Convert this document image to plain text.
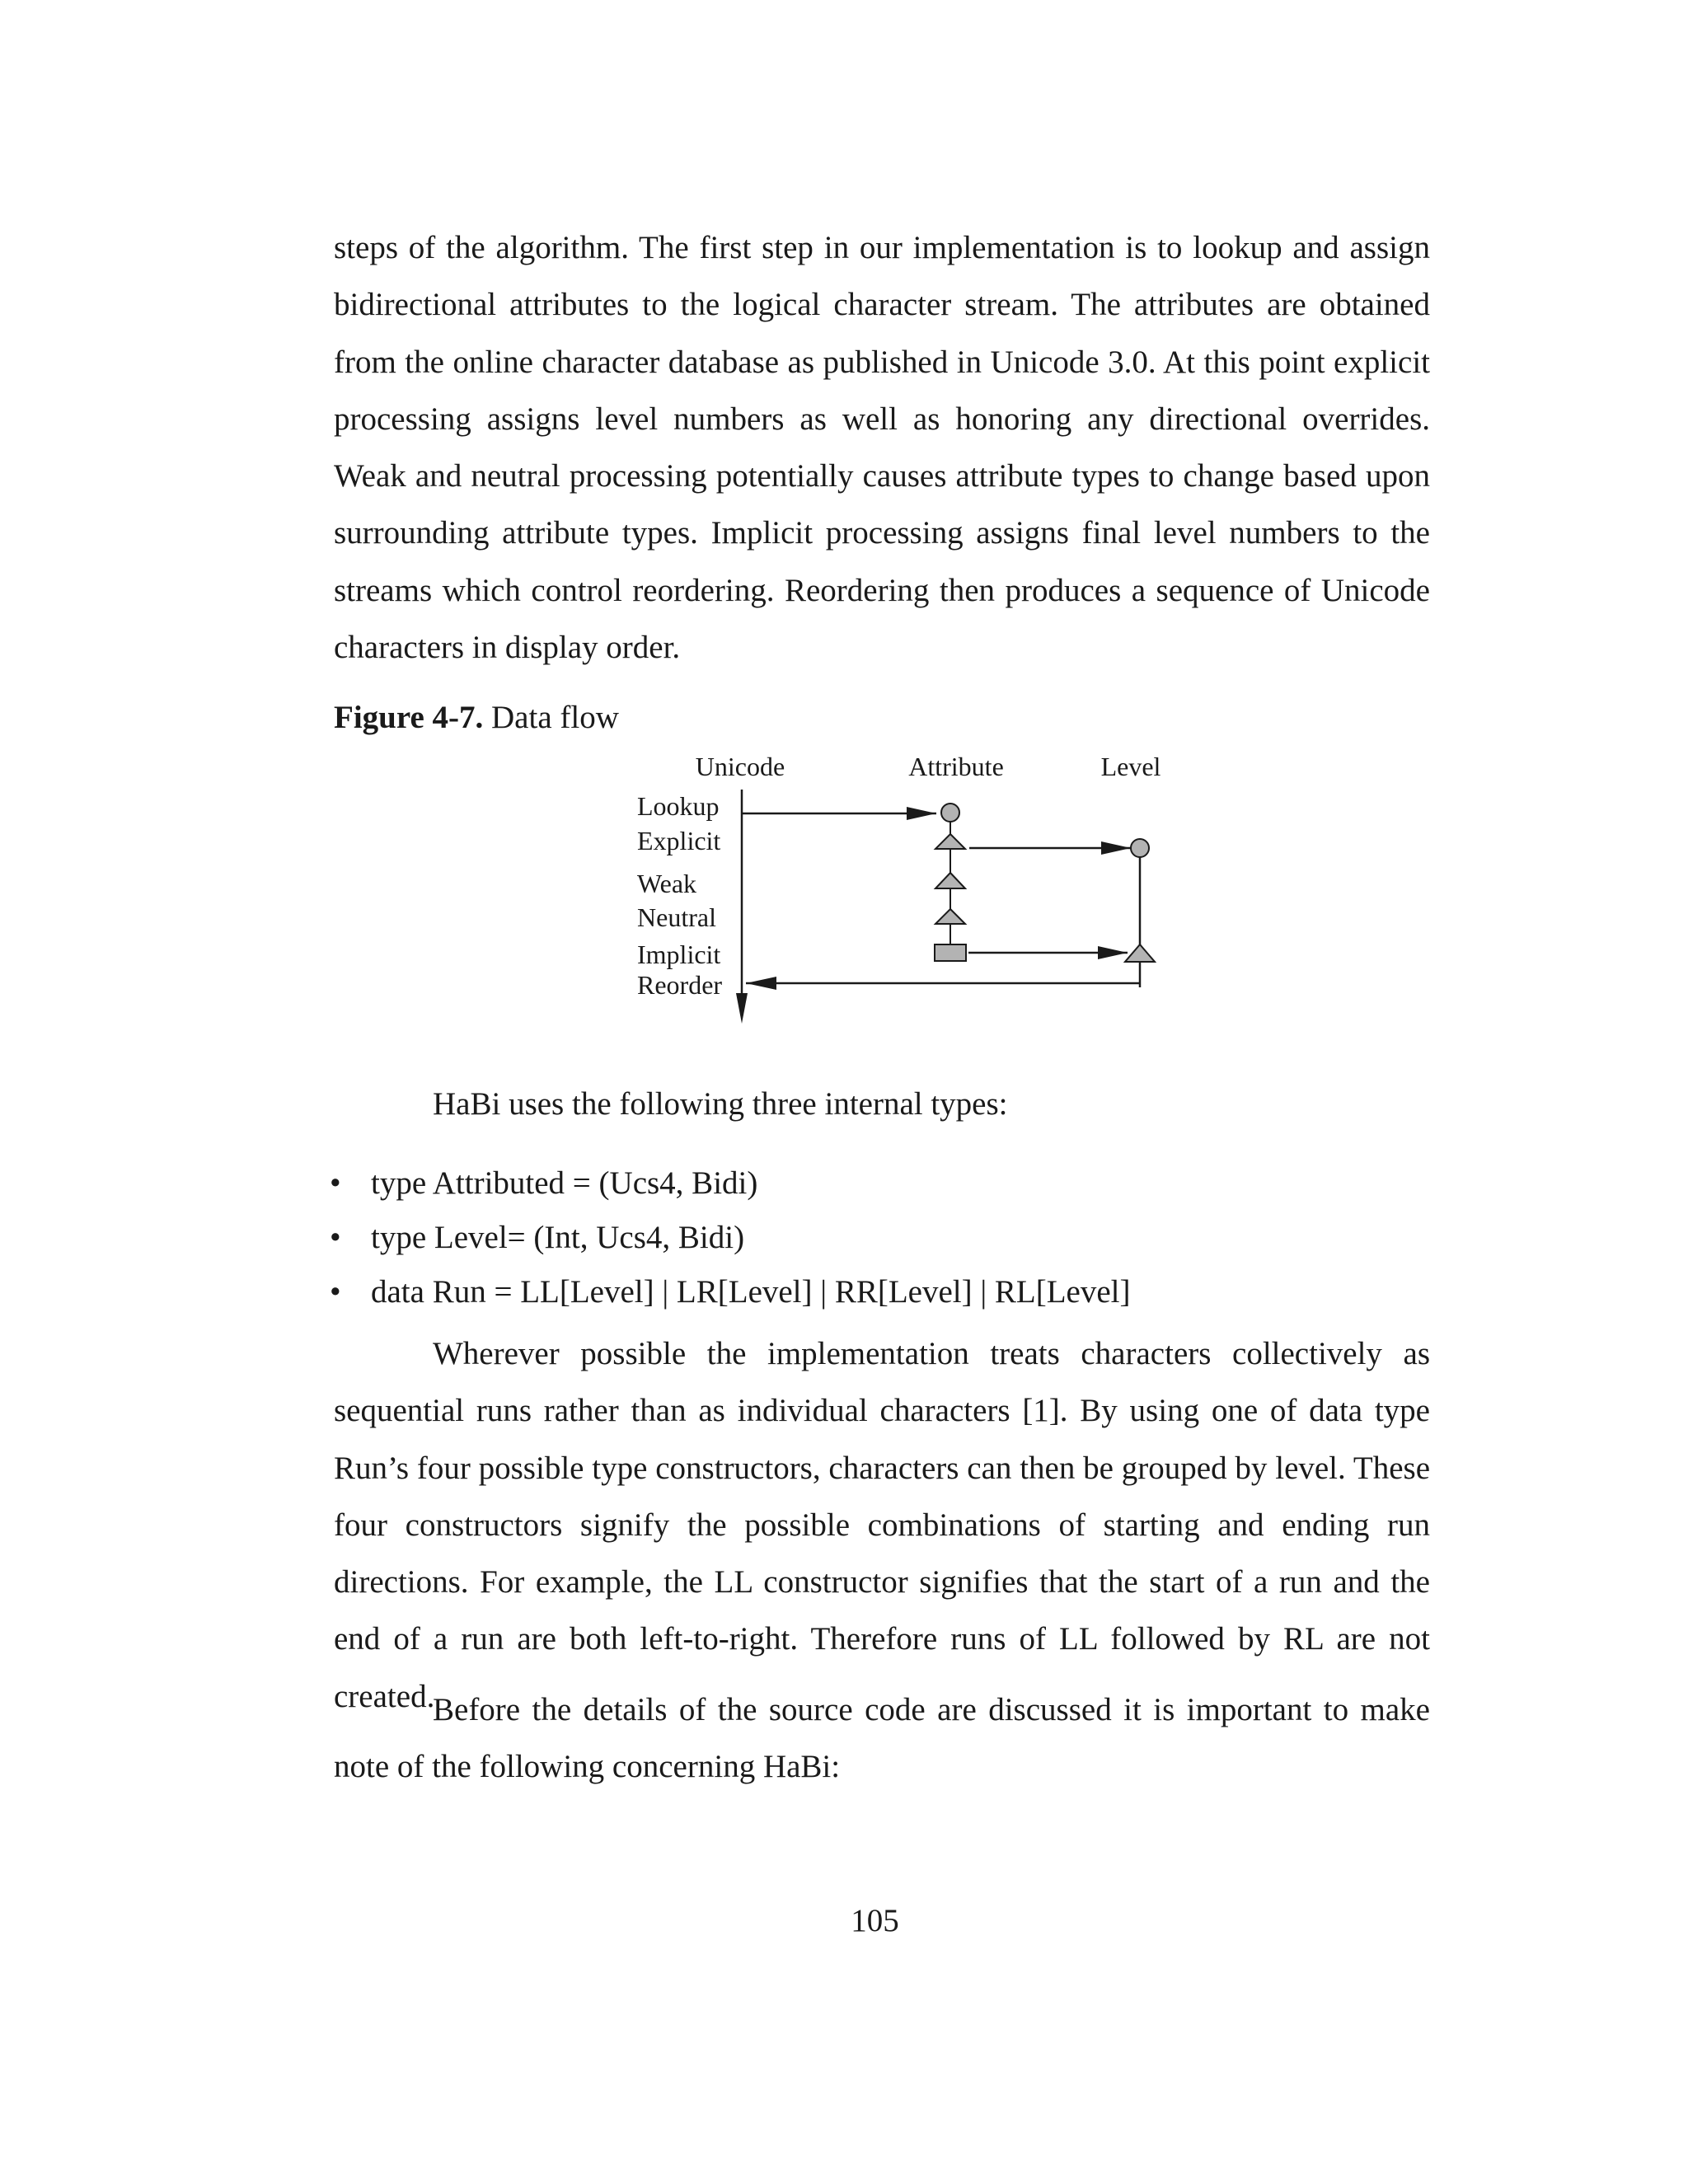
steps of the algorithm. The first step in our implementation is to lookup and assign bidirectional attributes to the logical character stream. The attributes are obtained from the online character database as published in Unicode 3.0. At this point explicit processing assigns level numbers as well as honoring any directional overrides. Weak and neutral processing potentially causes attribute types to change based upon surrounding attribute types. Implicit processing assigns final level numbers to the streams which control reordering. Reordering then produces a sequence of Unicode characters in display order.

Figure 4-7. Data flow

Unicode	Attribute	Level
Lookup
Explicit
Weak
Neutral
Implicit
Reorder

HaBi uses the following three internal types:

• type Attributed = (Ucs4, Bidi)
• type Level= (Int, Ucs4, Bidi)
• data Run = LL[Level] | LR[Level] | RR[Level] | RL[Level]

Wherever possible the implementation treats characters collectively as sequential runs rather than as individual characters [1]. By using one of data type Run’s four possible type constructors, characters can then be grouped by level. These four constructors signify the possible combinations of starting and ending run directions. For example, the LL constructor signifies that the start of a run and the end of a run are both left-to-right. Therefore runs of LL followed by RL are not created.

Before the details of the source code are discussed it is important to make note of the following concerning HaBi:

105
